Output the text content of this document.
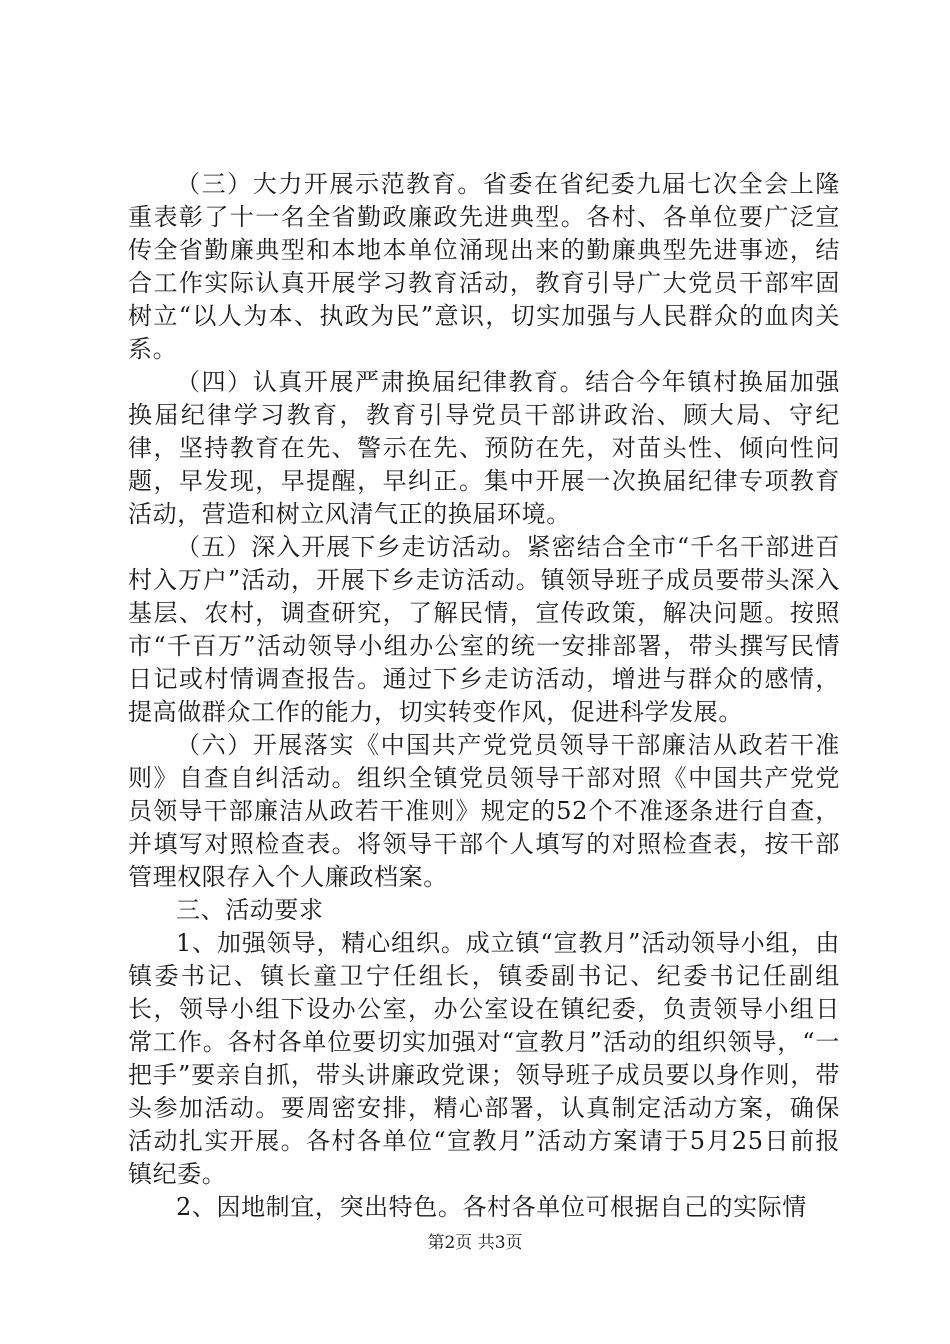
（三）大力开展示范教育。省委在省纪委九届七次全会上隆重表彰了十一名全省勤政廉政先进典型。各村、各单位要广泛宣传全省勤廉典型和本地本单位涌现出来的勤廉典型先进事迹，结合工作实际认真开展学习教育活动，教育引导广大党员干部牢固树立“以人为本、执政为民”意识，切实加强与人民群众的血肉关系。

（四）认真开展严肃换届纪律教育。结合今年镇村换届加强换届纪律学习教育，教育引导党员干部讲政治、顾大局、守纪律，坚持教育在先、警示在先、预防在先，对苗头性、倾向性问题，早发现，早提醒，早纠正。集中开展一次换届纪律专项教育活动，营造和树立风清气正的换届环境。

（五）深入开展下乡走访活动。紧密结合全市“千名干部进百村入万户”活动，开展下乡走访活动。镇领导班子成员要带头深入基层、农村，调查研究，了解民情，宣传政策，解决问题。按照市“千百万”活动领导小组办公室的统一安排部署，带头撰写民情日记或村情调查报告。通过下乡走访活动，增进与群众的感情，提高做群众工作的能力，切实转变作风，促进科学发展。

（六）开展落实《中国共产党党员领导干部廉洁从政若干准则》自查自纠活动。组织全镇党员领导干部对照《中国共产党党员领导干部廉洁从政若干准则》规定的52个不准逐条进行自查，并填写对照检查表。将领导干部个人填写的对照检查表，按干部管理权限存入个人廉政档案。

三、活动要求

1、加强领导，精心组织。成立镇“宣教月”活动领导小组，由镇委书记、镇长童卫宁任组长，镇委副书记、纪委书记任副组长，领导小组下设办公室，办公室设在镇纪委，负责领导小组日常工作。各村各单位要切实加强对“宣教月”活动的组织领导，“一把手”要亲自抓，带头讲廉政党课；领导班子成员要以身作则，带头参加活动。要周密安排，精心部署，认真制定活动方案，确保活动扎实开展。各村各单位“宣教月”活动方案请于5月25日前报镇纪委。

2、因地制宜，突出特色。各村各单位可根据自己的实际情

第2页 共3页
